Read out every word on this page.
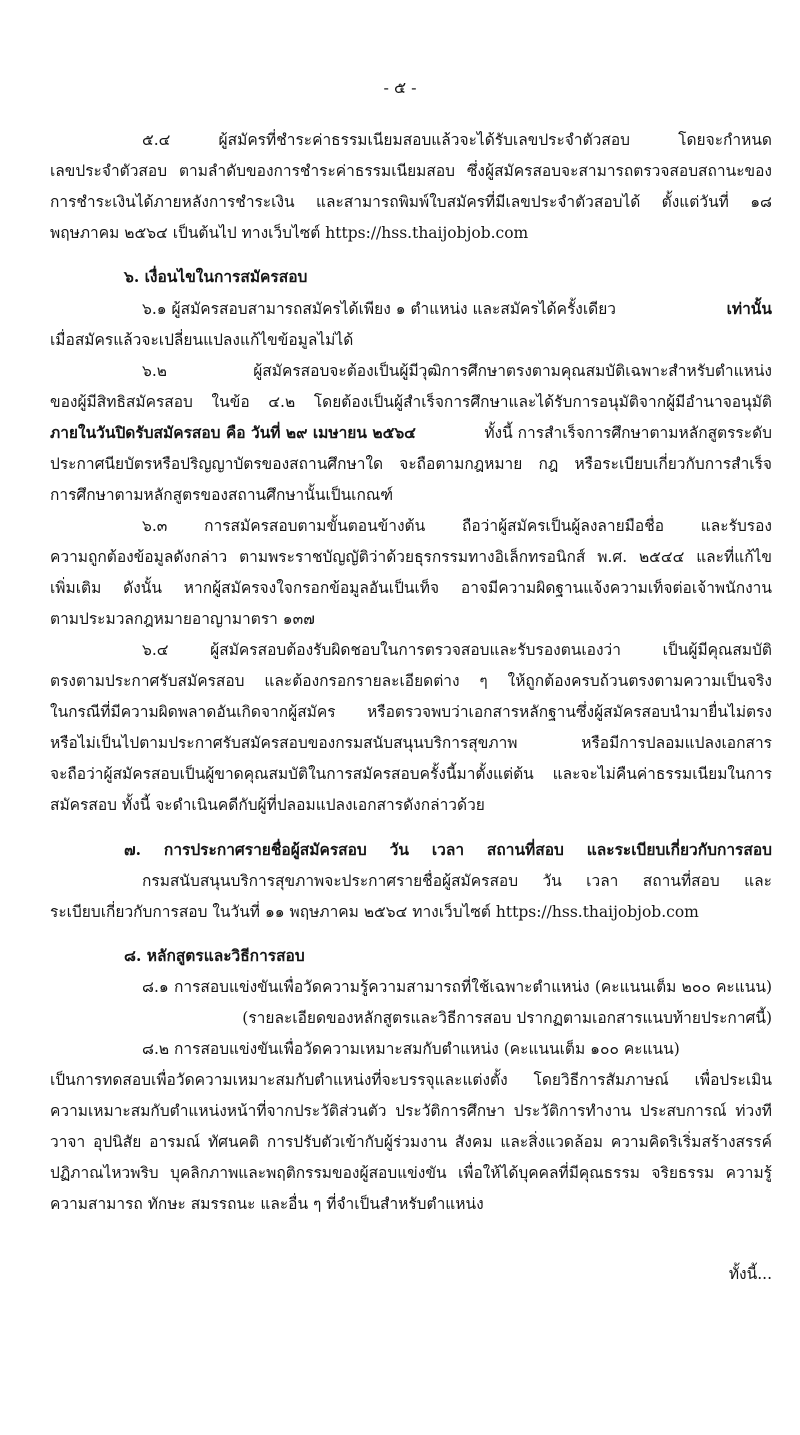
- ๕ -
๕.๔ ผู้สมัครที่ชำระค่าธรรมเนียมสอบแล้วจะได้รับเลขประจำตัวสอบ โดยจะกำหนด
เลขประจำตัวสอบ ตามลำดับของการชำระค่าธรรมเนียมสอบ ซึ่งผู้สมัครสอบจะสามารถตรวจสอบสถานะของ
การชำระเงินได้ภายหลังการชำระเงิน และสามารถพิมพ์ใบสมัครที่มีเลขประจำตัวสอบได้ ตั้งแต่วันที่ ๑๘
พฤษภาคม ๒๕๖๔ เป็นต้นไป ทางเว็บไซต์ https://hss.thaijobjob.com
๖. เงื่อนไขในการสมัครสอบ
๖.๑ ผู้สมัครสอบสามารถสมัครได้เพียง ๑ ตำแหน่ง และสมัครได้ครั้งเดียว	เท่านั้น
เมื่อสมัครแล้วจะเปลี่ยนแปลงแก้ไขข้อมูลไม่ได้
๖.๒ ผู้สมัครสอบจะต้องเป็นผู้มีวุฒิการศึกษาตรงตามคุณสมบัติเฉพาะสำหรับตำแหน่ง
ของผู้มีสิทธิสมัครสอบ ในข้อ ๔.๒ โดยต้องเป็นผู้สำเร็จการศึกษาและได้รับการอนุมัติจากผู้มีอำนาจอนุมัติ
ภายในวันปิดรับสมัครสอบ คือ วันที่ ๒๙ เมษายน ๒๕๖๔	ทั้งนี้ การสำเร็จการศึกษาตามหลักสูตรระดับ
ประกาศนียบัตรหรือปริญญาบัตรของสถานศึกษาใด จะถือตามกฎหมาย กฎ หรือระเบียบเกี่ยวกับการสำเร็จ
การศึกษาตามหลักสูตรของสถานศึกษานั้นเป็นเกณฑ์
๖.๓ การสมัครสอบตามขั้นตอนข้างต้น ถือว่าผู้สมัครเป็นผู้ลงลายมือชื่อ และรับรอง
ความถูกต้องข้อมูลดังกล่าว ตามพระราชบัญญัติว่าด้วยธุรกรรมทางอิเล็กทรอนิกส์ พ.ศ. ๒๕๔๔ และที่แก้ไข
เพิ่มเติม ดังนั้น หากผู้สมัครจงใจกรอกข้อมูลอันเป็นเท็จ อาจมีความผิดฐานแจ้งความเท็จต่อเจ้าพนักงาน
ตามประมวลกฎหมายอาญามาตรา ๑๓๗
๖.๔ ผู้สมัครสอบต้องรับผิดชอบในการตรวจสอบและรับรองตนเองว่า เป็นผู้มีคุณสมบัติ
ตรงตามประกาศรับสมัครสอบ และต้องกรอกรายละเอียดต่าง ๆ ให้ถูกต้องครบถ้วนตรงตามความเป็นจริง
ในกรณีที่มีความผิดพลาดอันเกิดจากผู้สมัคร หรือตรวจพบว่าเอกสารหลักฐานซึ่งผู้สมัครสอบนำมายื่นไม่ตรง
หรือไม่เป็นไปตามประกาศรับสมัครสอบของกรมสนับสนุนบริการสุขภาพ หรือมีการปลอมแปลงเอกสาร
จะถือว่าผู้สมัครสอบเป็นผู้ขาดคุณสมบัติในการสมัครสอบครั้งนี้มาตั้งแต่ต้น และจะไม่คืนค่าธรรมเนียมในการ
สมัครสอบ ทั้งนี้ จะดำเนินคดีกับผู้ที่ปลอมแปลงเอกสารดังกล่าวด้วย
๗. การประกาศรายชื่อผู้สมัครสอบ วัน เวลา สถานที่สอบ และระเบียบเกี่ยวกับการสอบ
กรมสนับสนุนบริการสุขภาพจะประกาศรายชื่อผู้สมัครสอบ วัน เวลา สถานที่สอบ และ
ระเบียบเกี่ยวกับการสอบ ในวันที่ ๑๑ พฤษภาคม ๒๕๖๔ ทางเว็บไซต์ https://hss.thaijobjob.com
๘. หลักสูตรและวิธีการสอบ
๘.๑ การสอบแข่งขันเพื่อวัดความรู้ความสามารถที่ใช้เฉพาะตำแหน่ง (คะแนนเต็ม ๒๐๐ คะแนน)
(รายละเอียดของหลักสูตรและวิธีการสอบ ปรากฏตามเอกสารแนบท้ายประกาศนี้)
๘.๒ การสอบแข่งขันเพื่อวัดความเหมาะสมกับตำแหน่ง (คะแนนเต็ม ๑๐๐ คะแนน)
เป็นการทดสอบเพื่อวัดความเหมาะสมกับตำแหน่งที่จะบรรจุและแต่งตั้ง โดยวิธีการสัมภาษณ์ เพื่อประเมิน
ความเหมาะสมกับตำแหน่งหน้าที่จากประวัติส่วนตัว ประวัติการศึกษา ประวัติการทำงาน ประสบการณ์ ท่วงที
วาจา อุปนิสัย อารมณ์ ทัศนคติ การปรับตัวเข้ากับผู้ร่วมงาน สังคม และสิ่งแวดล้อม ความคิดริเริ่มสร้างสรรค์
ปฏิภาณไหวพริบ บุคลิกภาพและพฤติกรรมของผู้สอบแข่งขัน เพื่อให้ได้บุคคลที่มีคุณธรรม จริยธรรม ความรู้
ความสามารถ ทักษะ สมรรถนะ และอื่น ๆ ที่จำเป็นสำหรับตำแหน่ง
ทั้งนี้...
